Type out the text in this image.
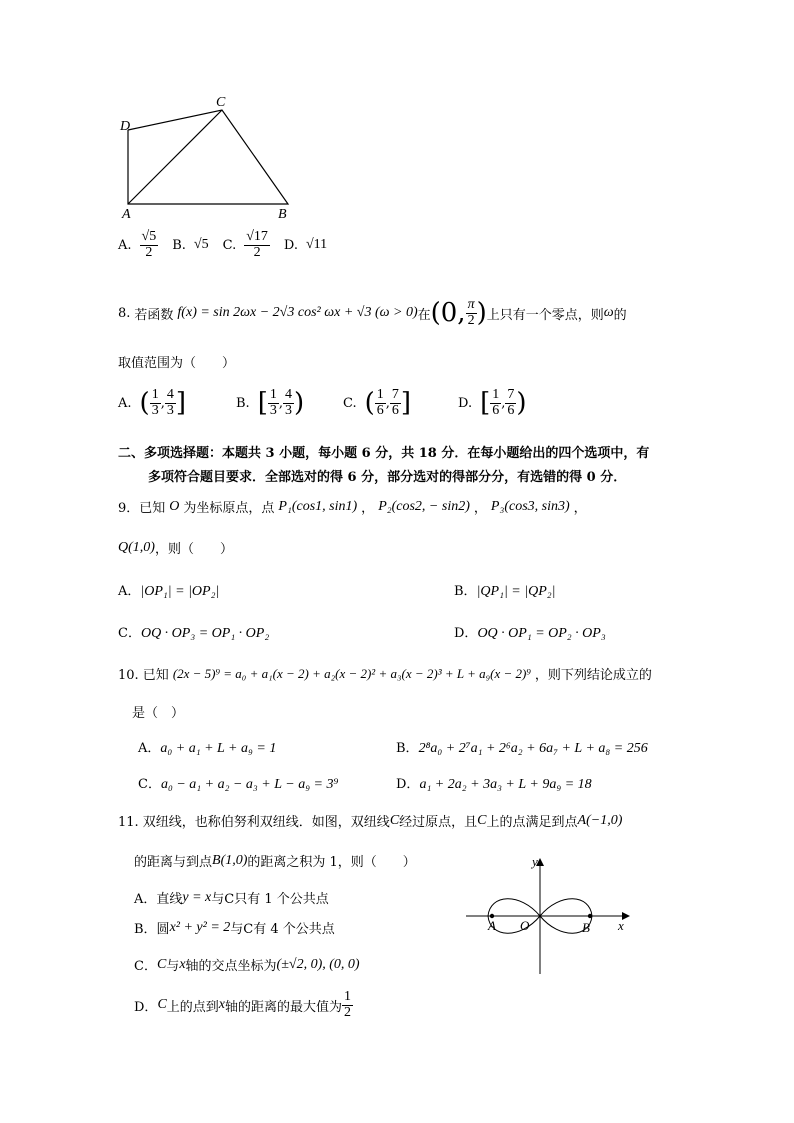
D
C
A	B
A. $\frac{√5}{2} B$. √5 C. $\frac{√17}{2} D$. √11
8. 若函数 f(x) = sin 2ωx − 2√3 cos² ωx + √3 (ω > 0) 在 (0, $\frac{\pi}{2}$ ) 上只有一个零点，则 ω 的
取值范围为（　　）
A. ( $\frac{1}{3}$ , $\frac{4}{3}$ ]	B. [ $\frac{1}{3}$ , $\frac{4}{3}$ )	C. ( $\frac{1}{6}$ , $\frac{7}{6}$ ]	D. [ $\frac{1}{6}$ , $\frac{7}{6}$ )
二、多项选择题：本题共 3 小题，每小题 6 分，共 18 分．在每小题给出的四个选项中，有
多项符合题目要求．全部选对的得 6 分，部分选对的得部分分，有选错的得 0 分．
9．已知 O 为坐标原点，点 P₁(cos1, sin1) ， P₂(cos2, − sin2) ， P₃(cos3, sin3) ，
Q(1,0) ，则（　　）
A．|OP₁| = |OP₂|	B．|QP₁| = |QP₂|
C．OQ · OP₃ = OP₁ · OP₂	D．OQ · OP₁ = OP₂ · OP₃
10. 已知 (2x − 5)⁹ = a₀ + a₁(x − 2) + a₂(x − 2)² + a₃(x − 2)³ + L + a₉(x − 2)⁹ ，则下列结论成立的
是（　）
A．a₀ + a₁ + L + a₉ = 1	B．2⁸a₀ + 2⁷a₁ + 2⁶a₂ + 6a₇ + L + a₈ = 256
C．a₀ − a₁ + a₂ − a₃ + L − a₉ = 3⁹	D．a₁ + 2a₂ + 3a₃ + L + 9a₉ = 18
11. 双纽线，也称伯努利双纽线．如图，双纽线 C 经过原点，且 C 上的点满足到点 A(−1,0)
的距离与到点 B(1,0) 的距离之积为 1，则（　　）
A．直线 y = x 与C只有 1 个公共点
B．圆 x² + y² = 2 与C有 4 个公共点
C． C 与 x 轴的交点坐标为 (±√2, 0), (0, 0)
D． C 上的点到 x 轴的距离的最大值为 $\frac{1}{2}$
y
x
O
A	B
